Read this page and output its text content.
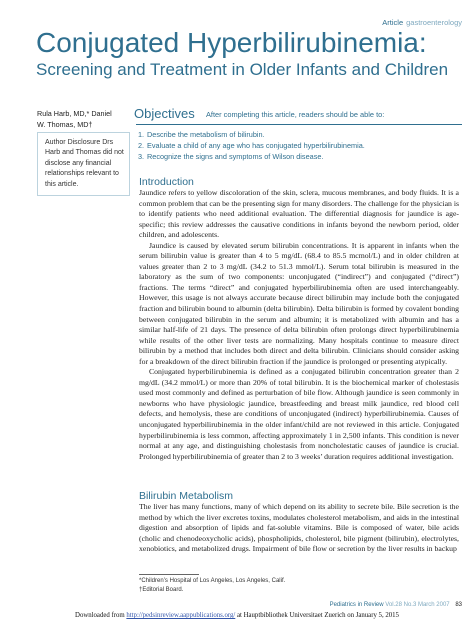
Article gastroenterology
Conjugated Hyperbilirubinemia:
Screening and Treatment in Older Infants and Children
Rula Harb, MD,* Daniel
W. Thomas, MD†
Author Disclosure Drs Harb and Thomas did not disclose any financial relationships relevant to this article.
Objectives After completing this article, readers should be able to:
1. Describe the metabolism of bilirubin.
2. Evaluate a child of any age who has conjugated hyperbilirubinemia.
3. Recognize the signs and symptoms of Wilson disease.
Introduction

Jaundice refers to yellow discoloration of the skin, sclera, mucous membranes, and body fluids. It is a common problem that can be the presenting sign for many disorders. The challenge for the physician is to identify patients who need additional evaluation. The differential diagnosis for jaundice is age-specific; this review addresses the causative conditions in infants beyond the newborn period, older children, and adolescents.

Jaundice is caused by elevated serum bilirubin concentrations. It is apparent in infants when the serum bilirubin value is greater than 4 to 5 mg/dL (68.4 to 85.5 mcmol/L) and in older children at values greater than 2 to 3 mg/dL (34.2 to 51.3 mmol/L). Serum total bilirubin is measured in the laboratory as the sum of two components: unconjugated (“indirect”) and conjugated (“direct”) fractions. The terms “direct” and conjugated hyperbilirubinemia often are used interchangeably. However, this usage is not always accurate because direct bilirubin may include both the conjugated fraction and bilirubin bound to albumin (delta bilirubin). Delta bilirubin is formed by covalent bonding between conjugated bilirubin in the serum and albumin; it is metabolized with albumin and has a similar half-life of 21 days. The presence of delta bilirubin often prolongs direct hyperbilirubinemia while results of the other liver tests are normalizing. Many hospitals continue to measure direct bilirubin by a method that includes both direct and delta bilirubin. Clinicians should consider asking for a breakdown of the direct bilirubin fraction if the jaundice is prolonged or presenting atypically.

Conjugated hyperbilirubinemia is defined as a conjugated bilirubin concentration greater than 2 mg/dL (34.2 mmol/L) or more than 20% of total bilirubin. It is the biochemical marker of cholestasis used most commonly and defined as perturbation of bile flow. Although jaundice is seen commonly in newborns who have physiologic jaundice, breastfeeding and breast milk jaundice, red blood cell defects, and hemolysis, these are conditions of unconjugated (indirect) hyperbilirubinemia. Causes of unconjugated hyperbilirubinemia in the older infant/child are not reviewed in this article. Conjugated hyperbilirubinemia is less common, affecting approximately 1 in 2,500 infants. This condition is never normal at any age, and distinguishing cholestasis from noncholestatic causes of jaundice is crucial. Prolonged hyperbilirubinemia of greater than 2 to 3 weeks’ duration requires additional investigation.

Bilirubin Metabolism

The liver has many functions, many of which depend on its ability to secrete bile. Bile secretion is the method by which the liver excretes toxins, modulates cholesterol metabolism, and aids in the intestinal digestion and absorption of lipids and fat-soluble vitamins. Bile is composed of water, bile acids (cholic and chenodeoxycholic acids), phospholipids, cholesterol, bile pigment (bilirubin), electrolytes, xenobiotics, and metabolized drugs. Impairment of bile flow or secretion by the liver results in backup

*Children’s Hospital of Los Angeles, Los Angeles, Calif.
†Editorial Board.
Pediatrics in Review Vol.28 No.3 March 2007 83
Downloaded from http://pedsinreview.aappublications.org/ at Hauptbibliothek Universitaet Zuerich on January 5, 2015
